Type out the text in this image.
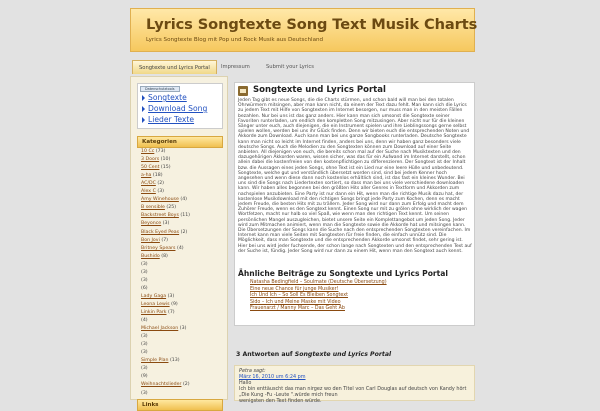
Lyrics Songtexte Song Text Musik Charts
Lyrics Songtexte Blog mit Pop und Rock Musik aus Deutschland
Songtexte und Lyrics Portal	Impressum	Submit your Lyrics
Datenschutztools
Songtexte
Download Song
Lieder Texte
Kategorien
10 Cc (73)
3 Doors (10)
50 Cent (15)
a-ha (18)
AC/DC (2)
Alex C (3)
Amy Winehouse (4)
B sensible (25)
Backstreet Boys (11)
Beyonce (3)
Black Eyed Peas (2)
Bon Jovi (7)
Britney Spears (4)
Bushido (8)
(3)
(3)
(3)
(6)
Lady Gaga (3)
Leona Lewis (9)
Linkin Park (7)
(4)
Michael Jackson (3)
(3)
(3)
(3)
Simple Plan (13)
(3)
(9)
Weihnachtslieder (2)
(3)
Links
Songtexte und Lyrics Portal

Jeden Tag gibt es neue Songs, die die Charts stürmen, und schon bald will man bei den totalen Ohrwürmern mitsingen, aber man kann nicht, da einem der Text dazu fehlt. Man kann sich die Lyrics zu jedem Text mit Hilfe von Songtexten im Internet besorgen, nur muss man in den meisten Fällen bezahlen. Nur bei uns ist das ganz anders. Hier kann man sich umsonst die Songtexte seiner Favoriten runterladen, um endlich den kompletten Song mitzusingen. Aber nicht nur für die kleinen Sänger unter euch, auch diejenigen, die ein Instrument spielen und ihre Lieblingssongs gerne selbst spielen wollen, werden bei uns ihr Glück finden. Denn wir bieten euch die entsprechenden Noten und Akkorde zum Download. Auch kann man bei uns ganze Songbooks runterladen. Deutsche Songtexte kann man nicht so leicht im Internet finden, anders bei uns, denn wir haben ganz besonders viele deutsche Songs. Auch die Melodien zu den Songtexten können zum Download auf einer Seite anbieten. All diejenigen von euch, die bereits schon mal auf der Suche nach Musiktexten und den dazugehörigen Akkorden waren, wissen sicher, was das für ein Aufwand im Internet darstellt, schon allein dabei die kostenfreien von den kostenpflichtigen zu differenzieren. Der Songtext ist der Inhalt bzw. die Aussagen eines jeden Songs, ohne Text ist ein Lied nur eine leere Hülle und unbedeutend. Songtexte, welche gut und verständlich übersetzt worden sind, sind bei jedem Kenner hoch angesehen und wenn diese dann noch kostenlos erhältlich sind, ist das fast ein kleines Wunder. Bei uns sind die Songs nach Liedertexten sortiert, so dass man bei uns viele verschiedene downloaden kann. Wir haben alles begonnen bei den größten Hits aller Genres in Textform und Akkorden zum nachspielen anzubieten. Eine Party ist nur dann ein Hit, wenn man die richtige Musik dazu hat, der kostenlose Musikdownload mit den richtigen Songs bringt jede Party zum Kochen, denn es macht jedem Freude, die besten Hits mit zu trällern. Jeder Song wird nur dann zum Erfolg und macht dem Zuhörer Freude, wenn es den Songtext kennt. Einen Song nur mit zu grölen ohne wirklich der wagen Wortfetzen, macht nur halb so viel Spaß, wie wenn man den richtigen Text kennt. Um seinen persönlichen Mangel auszugleichen, bietet unsere Seite ein Komplettangebot um jeden Song. Jeder wird zum Mitmachen animiert, wenn man die Songtexte sowie die Akkorde hat und mitsingen kann. Die Übersetzungen der Songs kann die Suche nach den entsprechenden Songtexten vereinfachen. Im Internet kann man viele Seiten mit Songtexten für freie finden, die einfach unnütz sind. Die Möglichkeit, dass man Songtexte und die entsprechenden Akkorde umsonst findet, sehr gering ist. Hier bei uns wird jeder fuchsende, der schon lange nach Songtexten und den entsprechenden Text auf der Suche ist, fündig. Jeder Song wird nur dann zu einem Hit, wenn man den Songtext auch kennt.

Ähnliche Beiträge zu Songtexte und Lyrics Portal
Natasha Bedingfield – Soulmate (Deutsche Übersetzung)
Eine neue Chance für junge Musiker!
Ich Und Ich – So Soll Es Bleiben Songtext
Sido – Ich und Meine Maske mit Video
Frauenarzt / Manny Marc – Das Geht Ab
3 Antworten auf Songtexte und Lyrics Portal
Petra sagt:
März 16, 2010 um 6:24 pm
Hallo
Ich bin enttäuscht das man nirgez wo den Titel von Carl Douglas auf deutsch von Kandy hört
„Die Kung -Fu -Leute ".würde mich freun
wenigsten den Text finden würde.
